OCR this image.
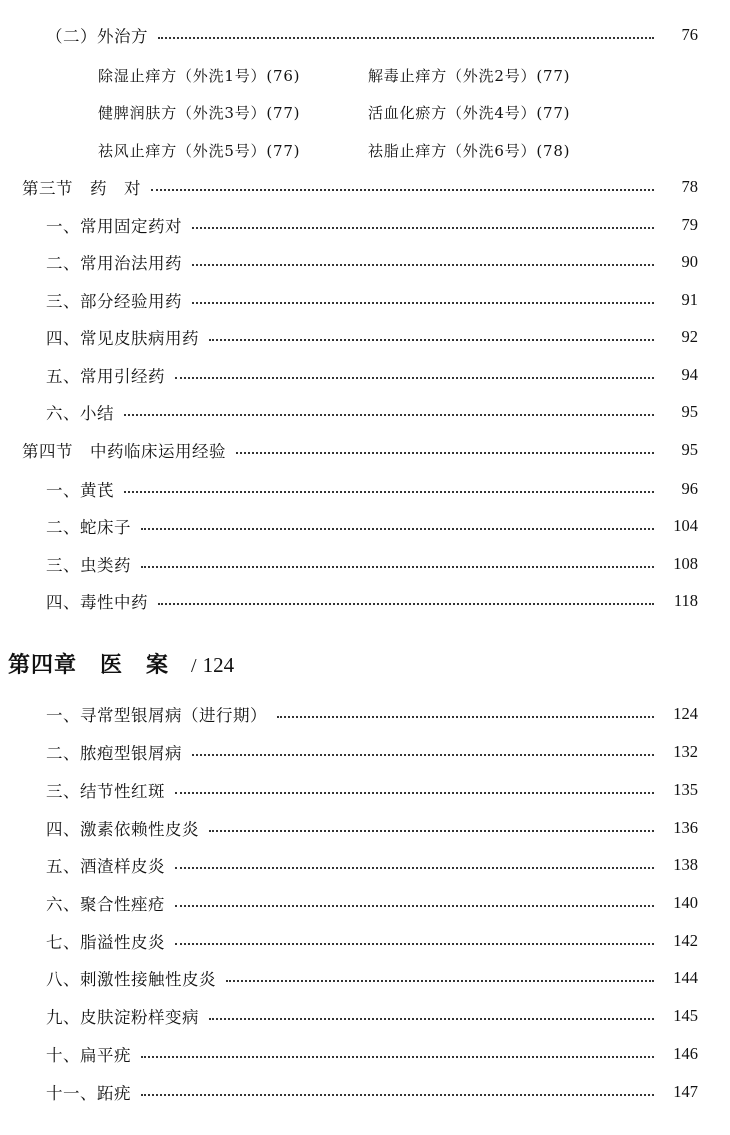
（二）外治方	76
除湿止痒方（外洗1号）(76)	解毒止痒方（外洗2号）(77)
健脾润肤方（外洗3号）(77)	活血化瘀方（外洗4号）(77)
祛风止痒方（外洗5号）(77)	祛脂止痒方（外洗6号）(78)
第三节　药　对	78
一、常用固定药对	79
二、常用治法用药	90
三、部分经验用药	91
四、常见皮肤病用药	92
五、常用引经药	94
六、小结	95
第四节　中药临床运用经验	95
一、黄芪	96
二、蛇床子	104
三、虫类药	108
四、毒性中药	118
第四章　医　案 / 124
一、寻常型银屑病（进行期）	124
二、脓疱型银屑病	132
三、结节性红斑	135
四、激素依赖性皮炎	136
五、酒渣样皮炎	138
六、聚合性痤疮	140
七、脂溢性皮炎	142
八、刺激性接触性皮炎	144
九、皮肤淀粉样变病	145
十、扁平疣	146
十一、跖疣	147
